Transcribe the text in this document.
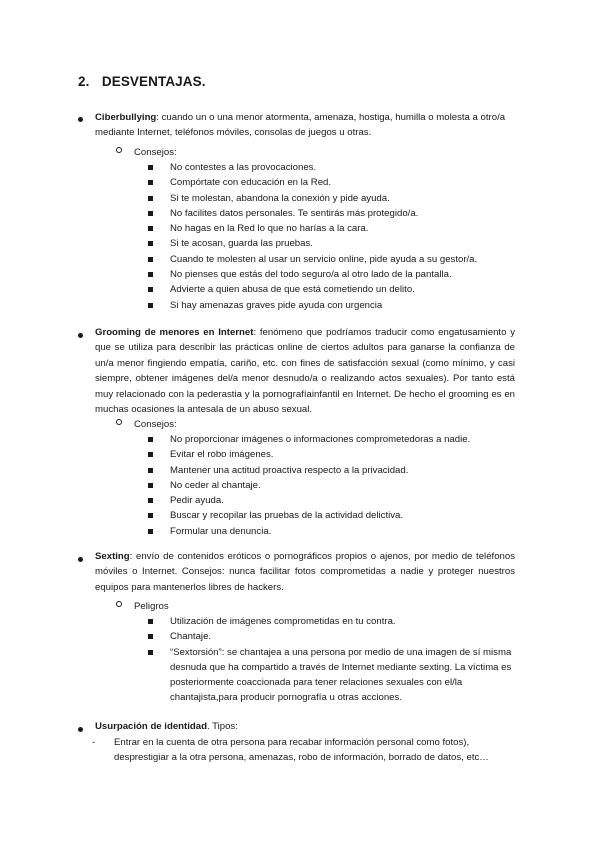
2. DESVENTAJAS.
Ciberbullying: cuando un o una menor atormenta, amenaza, hostiga, humilla o molesta a otro/a mediante Internet, teléfonos móviles, consolas de juegos u otras.
Consejos:
No contestes a las provocaciones.
Compórtate con educación en la Red.
Si te molestan, abandona la conexión y pide ayuda.
No facilites datos personales. Te sentirás más protegido/a.
No hagas en la Red lo que no harías a la cara.
Si te acosan, guarda las pruebas.
Cuando te molesten al usar un servicio online, pide ayuda a su gestor/a.
No pienses que estás del todo seguro/a al otro lado de la pantalla.
Advierte a quien abusa de que está cometiendo un delito.
Si hay amenazas graves pide ayuda con urgencia
Grooming de menores en Internet: fenómeno que podríamos traducir como engatusamiento y que se utiliza para describir las prácticas online de ciertos adultos para ganarse la confianza de un/a menor fingiendo empatía, cariño, etc. con fines de satisfacción sexual (como mínimo, y casi siempre, obtener imágenes del/a menor desnudo/a o realizando actos sexuales). Por tanto está muy relacionado con la pederastia y la pornografíainfantil en Internet. De hecho el grooming es en muchas ocasiones la antesala de un abuso sexual.
Consejos:
No proporcionar imágenes o informaciones comprometedoras a nadie.
Evitar el robo imágenes.
Mantener una actitud proactiva respecto a la privacidad.
No ceder al chantaje.
Pedir ayuda.
Buscar y recopilar las pruebas de la actividad delictiva.
Formular una denuncia.
Sexting: envío de contenidos eróticos o pornográficos propios o ajenos, por medio de teléfonos móviles o Internet. Consejos: nunca facilitar fotos comprometidas a nadie y proteger nuestros equipos para mantenerlos libres de hackers.
Peligros
Utilización de imágenes comprometidas en tu contra.
Chantaje.
“Sextorsión”: se chantajea a una persona por medio de una imagen de sí misma desnuda que ha compartido a través de Internet mediante sexting. La víctima es posteriormente coaccionada para tener relaciones sexuales con el/la chantajista,para producir pornografía u otras acciones.
Usurpación de identidad. Tipos:
- Entrar en la cuenta de otra persona para recabar información personal como fotos), desprestigiar a la otra persona, amenazas, robo de información, borrado de datos, etc…
